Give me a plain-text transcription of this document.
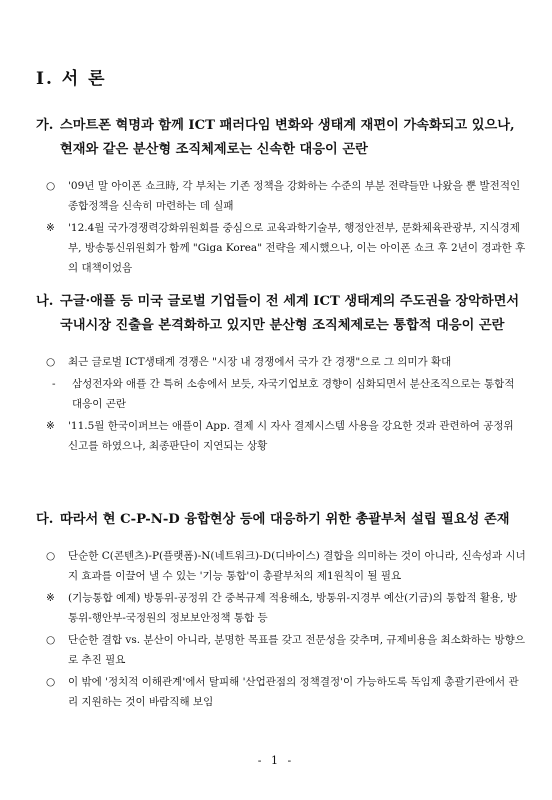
Ⅰ. 서 론
가. 스마트폰 혁명과 함께 ICT 패러다임 변화와 생태계 재편이 가속화되고 있으나, 현재와 같은 분산형 조직체제로는 신속한 대응이 곤란
○	'09년 말 아이폰 쇼크時, 각 부처는 기존 정책을 강화하는 수준의 부분 전략들만 나왔을 뿐 발전적인 종합정책을 신속히 마련하는 데 실패
※	'12.4월 국가경쟁력강화위원회를 중심으로 교육과학기술부, 행정안전부, 문화체육관광부, 지식경제부, 방송통신위원회가 함께 "Giga Korea" 전략을 제시했으나, 이는 아이폰 쇼크 후 2년이 경과한 후의 대책이었음
나. 구글·애플 등 미국 글로벌 기업들이 전 세계 ICT 생태계의 주도권을 장악하면서 국내시장 진출을 본격화하고 있지만 분산형 조직체제로는 통합적 대응이 곤란
○	최근 글로벌 ICT생태계 경쟁은 "시장 내 경쟁에서 국가 간 경쟁"으로 그 의미가 확대
-	삼성전자와 애플 간 특허 소송에서 보듯, 자국기업보호 경향이 심화되면서 분산조직으로는 통합적 대응이 곤란
※	'11.5월 한국이퍼브는 애플이 App. 결제 시 자사 결제시스템 사용을 강요한 것과 관련하여 공정위 신고를 하였으나, 최종판단이 지연되는 상황
다. 따라서 현 C-P-N-D 융합현상 등에 대응하기 위한 총괄부처 설립 필요성 존재
○	단순한 C(콘텐츠)-P(플랫폼)-N(네트워크)-D(디바이스) 결합을 의미하는 것이 아니라, 신속성과 시너지 효과를 이끌어 낼 수 있는 '기능 통합'이 총괄부처의 제1원칙이 될 필요
※	(기능통합 예제) 방통위-공정위 간 중복규제 적용해소, 방통위-지경부 예산(기금)의 통합적 활용, 방통위-행안부-국정원의 정보보안정책 통합 등
○	단순한 결합 vs. 분산이 아니라, 분명한 목표를 갖고 전문성을 갖추며, 규제비용을 최소화하는 방향으로 추진 필요
○	이 밖에 '정치적 이해관계'에서 탈피해 '산업관점의 정책결정'이 가능하도록 독임제 총괄기관에서 관리 지원하는 것이 바람직해 보임
- 1 -
